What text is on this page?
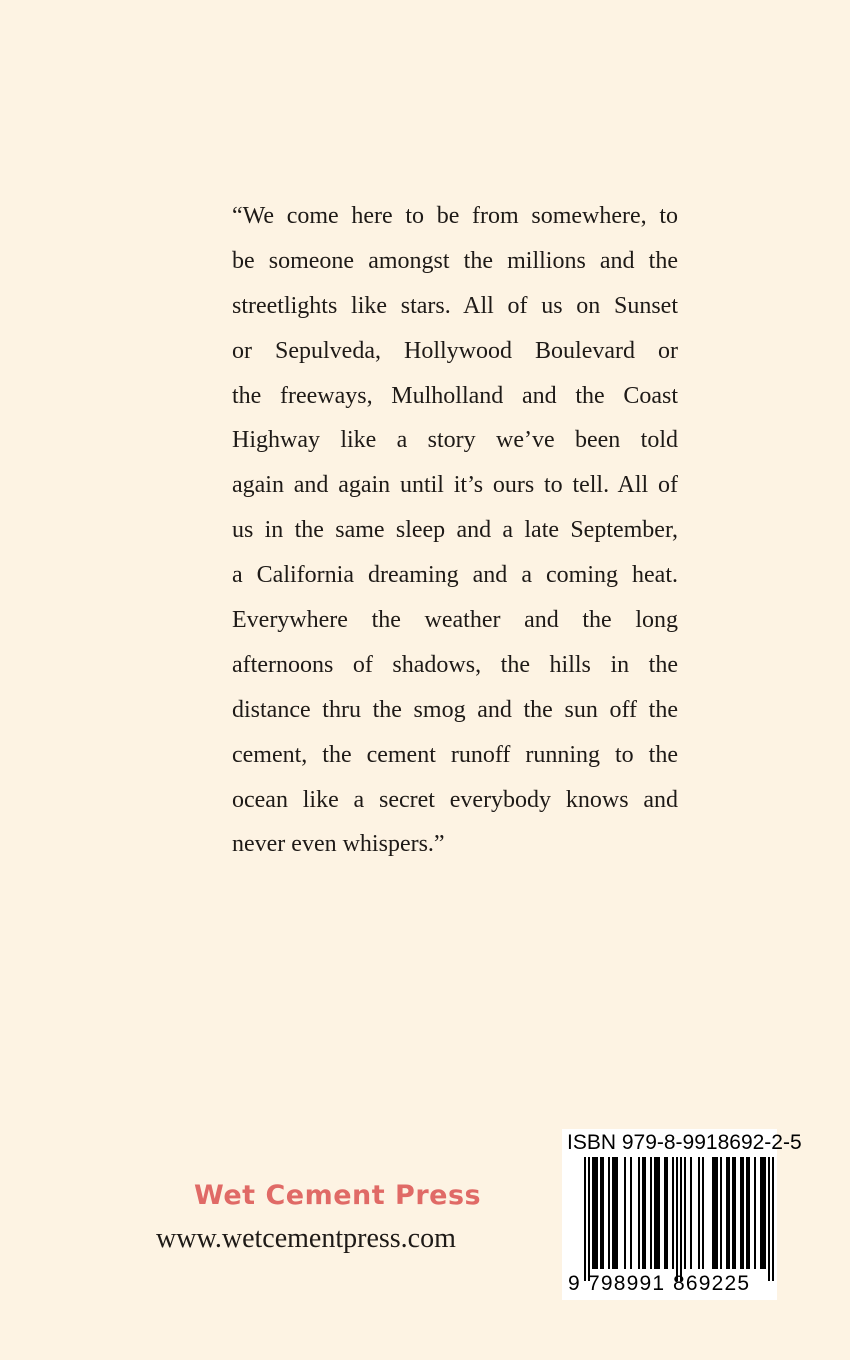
“We come here to be from somewhere, to
be someone amongst the millions and the
streetlights like stars. All of us on Sunset
or Sepulveda, Hollywood Boulevard or
the freeways, Mulholland and the Coast
Highway like a story we’ve been told
again and again until it’s ours to tell. All of
us in the same sleep and a late September,
a California dreaming and a coming heat.
Everywhere the weather and the long
afternoons of shadows, the hills in the
distance thru the smog and the sun off the
cement, the cement runoff running to the
ocean like a secret everybody knows and
never even whispers.”
Wet Cement Press
www.wetcementpress.com
ISBN 979-8-9918692-2-5
9 798991 869225
